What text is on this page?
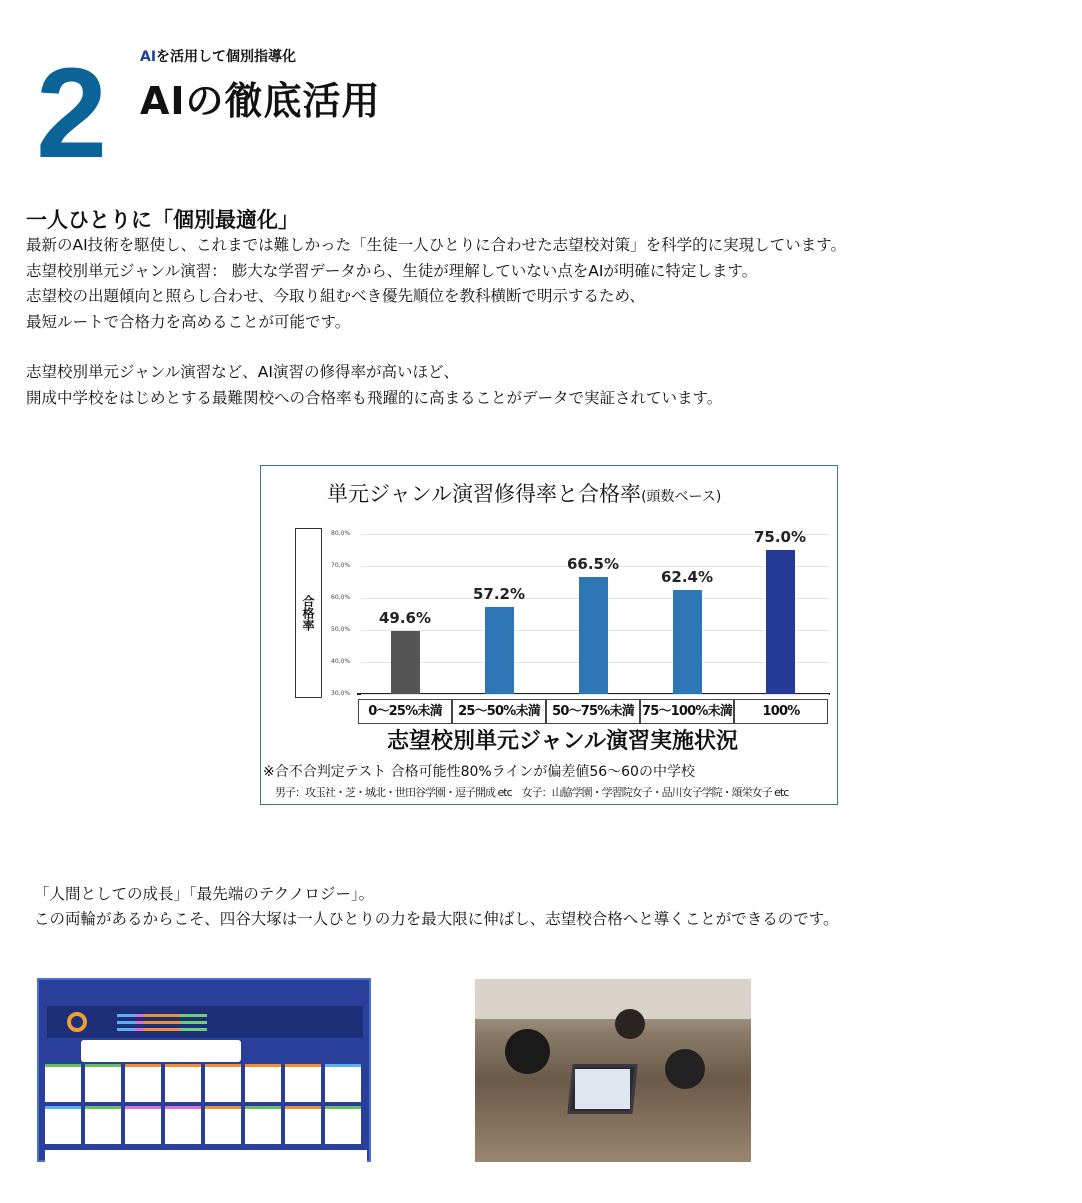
2 AIを活用して個別指導化
AIの徹底活用
一人ひとりに「個別最適化」
最新のAI技術を駆使し、これまでは難しかった「生徒一人ひとりに合わせた志望校対策」を科学的に実現しています。
志望校別単元ジャンル演習： 膨大な学習データから、生徒が理解していない点をAIが明確に特定します。
志望校の出題傾向と照らし合わせ、今取り組むべき優先順位を教科横断で明示するため、
最短ルートで合格力を高めることが可能です。
志望校別単元ジャンル演習など、AI演習の修得率が高いほど、
開成中学校をはじめとする最難関校への合格率も飛躍的に高まることがデータで実証されています。
単元ジャンル演習修得率と合格率(頭数ベース)
合格率
志望校別単元ジャンル演習実施状況
※合不合判定テスト 合格可能性80%ラインが偏差値56〜60の中学校
男子：攻玉社・芝・城北・世田谷学園・逗子開成 etc　女子：山脇学園・学習院女子・品川女子学院・頌栄女子 etc
30.0%
40.0%
50.0%
60.0%
70.0%
80.0%
49.6%
0〜25%未満
57.2%
25〜50%未満
66.5%
50〜75%未満
62.4%
75〜100%未満
75.0%
100%
「人間としての成長」「最先端のテクノロジー」。
この両輪があるからこそ、四谷大塚は一人ひとりの力を最大限に伸ばし、志望校合格へと導くことができるのです。
